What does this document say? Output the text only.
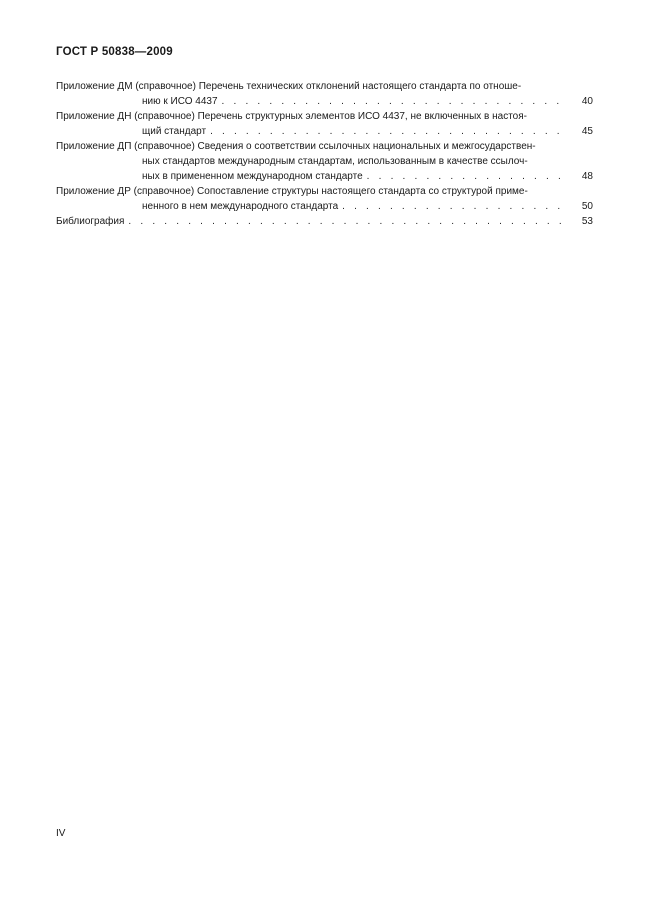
ГОСТ Р 50838—2009
Приложение ДМ
(справочное) Перечень технических отклонений настоящего стандарта по отноше-
нию к ИСО 4437 . . .	40
Приложение ДН
(справочное) Перечень структурных элементов ИСО 4437, не включенных в настоя-
щий стандарт . . .	45
Приложение ДП
(справочное) Сведения о соответствии ссылочных национальных и межгосударствен-
ных стандартов международным стандартам, использованным в качестве ссылоч-
ных в примененном международном стандарте . . .	48
Приложение ДР
(справочное) Сопоставление структуры настоящего стандарта со структурой приме-
ненного в нем международного стандарта . . .	50
Библиография . . .	53
IV
